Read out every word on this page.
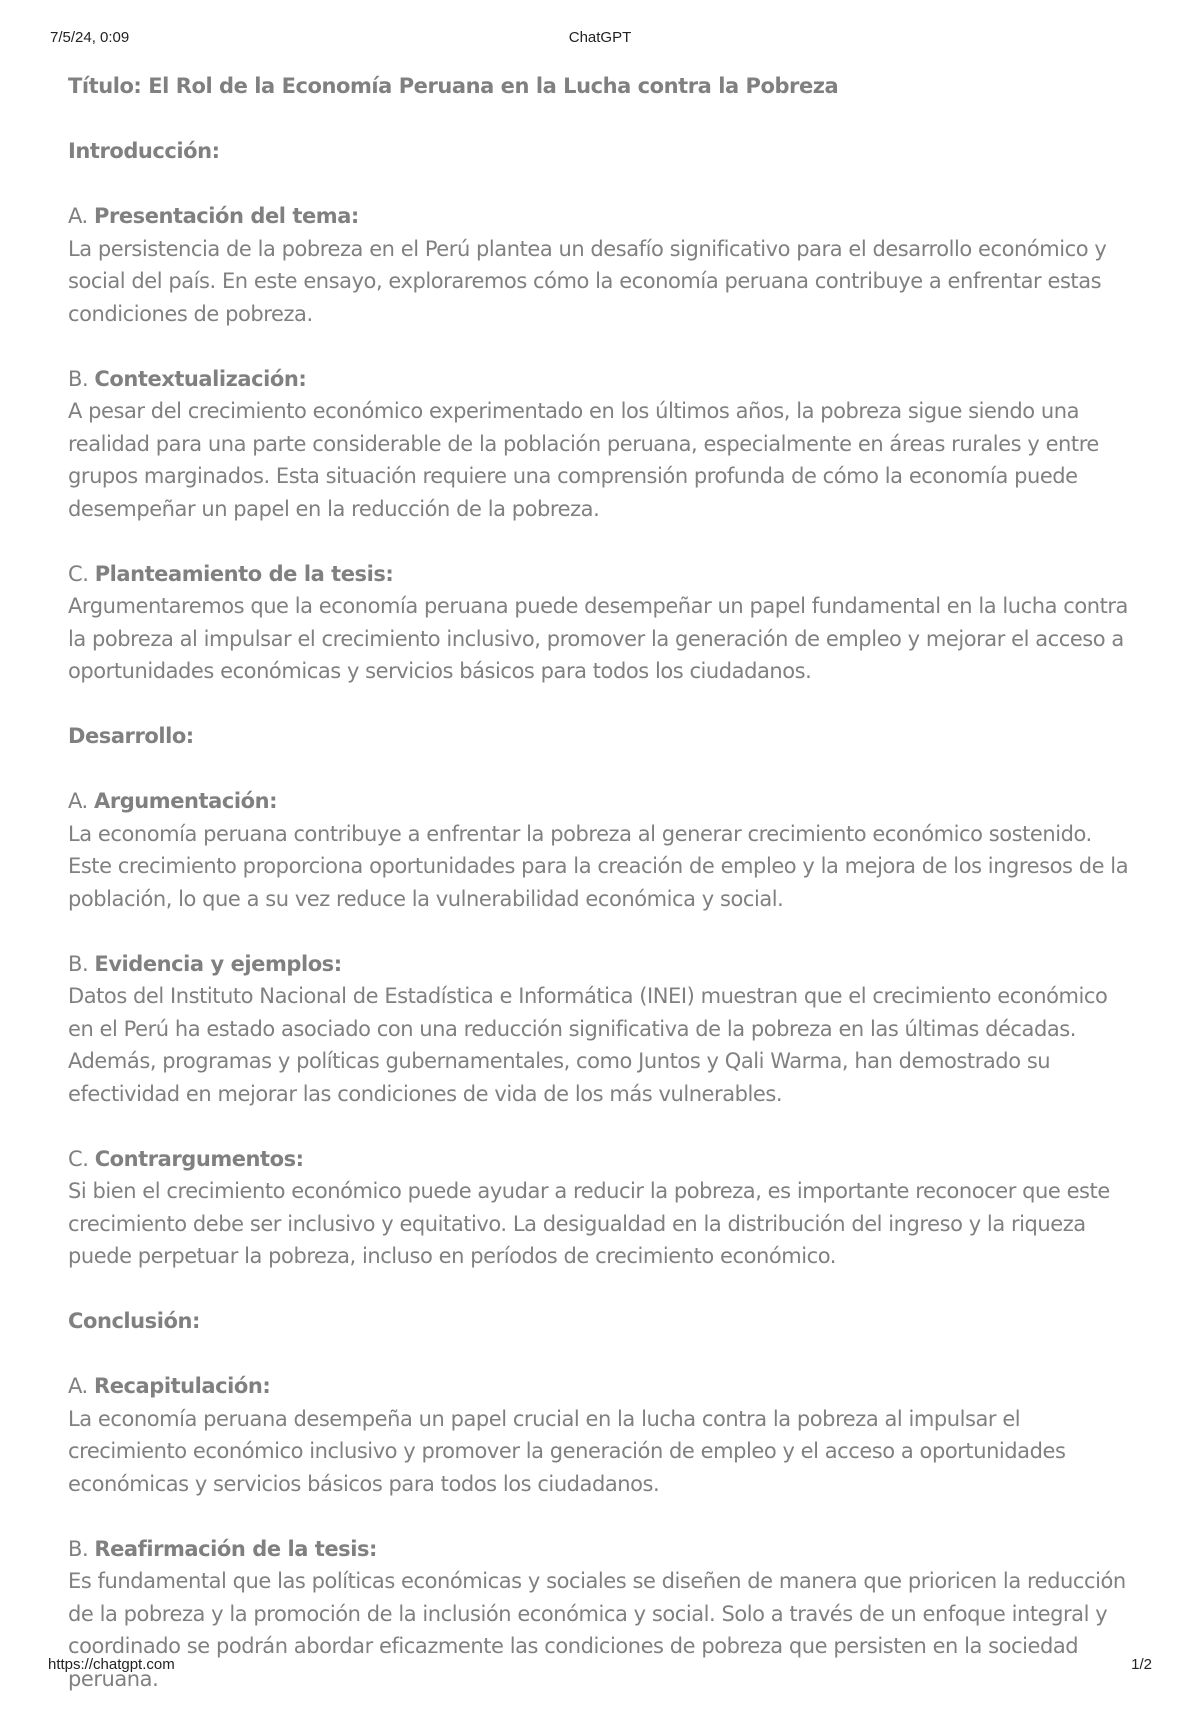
7/5/24, 0:09	ChatGPT
Título: El Rol de la Economía Peruana en la Lucha contra la Pobreza
Introducción:
A. Presentación del tema:

La persistencia de la pobreza en el Perú plantea un desafío significativo para el desarrollo económico y social del país. En este ensayo, exploraremos cómo la economía peruana contribuye a enfrentar estas condiciones de pobreza.

B. Contextualización:

A pesar del crecimiento económico experimentado en los últimos años, la pobreza sigue siendo una realidad para una parte considerable de la población peruana, especialmente en áreas rurales y entre grupos marginados. Esta situación requiere una comprensión profunda de cómo la economía puede desempeñar un papel en la reducción de la pobreza.

C. Planteamiento de la tesis:

Argumentaremos que la economía peruana puede desempeñar un papel fundamental en la lucha contra la pobreza al impulsar el crecimiento inclusivo, promover la generación de empleo y mejorar el acceso a oportunidades económicas y servicios básicos para todos los ciudadanos.

Desarrollo:
A. Argumentación:

La economía peruana contribuye a enfrentar la pobreza al generar crecimiento económico sostenido. Este crecimiento proporciona oportunidades para la creación de empleo y la mejora de los ingresos de la población, lo que a su vez reduce la vulnerabilidad económica y social.

B. Evidencia y ejemplos:

Datos del Instituto Nacional de Estadística e Informática (INEI) muestran que el crecimiento económico en el Perú ha estado asociado con una reducción significativa de la pobreza en las últimas décadas. Además, programas y políticas gubernamentales, como Juntos y Qali Warma, han demostrado su efectividad en mejorar las condiciones de vida de los más vulnerables.

C. Contrargumentos:

Si bien el crecimiento económico puede ayudar a reducir la pobreza, es importante reconocer que este crecimiento debe ser inclusivo y equitativo. La desigualdad en la distribución del ingreso y la riqueza puede perpetuar la pobreza, incluso en períodos de crecimiento económico.

Conclusión:
A. Recapitulación:

La economía peruana desempeña un papel crucial en la lucha contra la pobreza al impulsar el crecimiento económico inclusivo y promover la generación de empleo y el acceso a oportunidades económicas y servicios básicos para todos los ciudadanos.

B. Reafirmación de la tesis:

Es fundamental que las políticas económicas y sociales se diseñen de manera que prioricen la reducción de la pobreza y la promoción de la inclusión económica y social. Solo a través de un enfoque integral y coordinado se podrán abordar eficazmente las condiciones de pobreza que persisten en la sociedad peruana.

https://chatgpt.com	1/2
